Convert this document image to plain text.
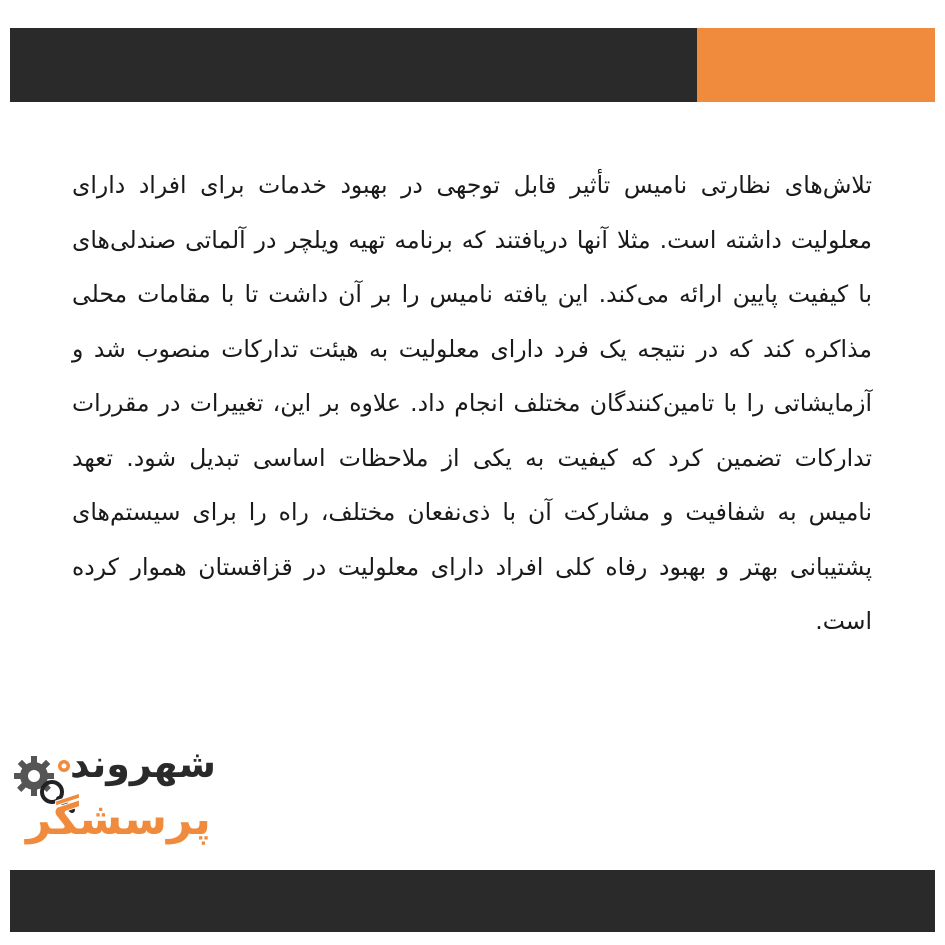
تلاش‌های نظارتی نامیس تأثیر قابل توجهی در بهبود خدمات برای افراد دارای معلولیت داشته است. مثلا آنها دریافتند که برنامه تهیه ویلچر در آلماتی صندلی‌های با کیفیت پایین ارائه می‌کند. این یافته نامیس را بر آن داشت تا با مقامات محلی مذاکره کند که در نتیجه یک فرد دارای معلولیت به هیئت تدارکات منصوب شد و آزمایشاتی را با تامین‌کنندگان مختلف انجام داد. علاوه بر این، تغییرات در مقررات تدارکات تضمین کرد که کیفیت به یکی از ملاحظات اساسی تبدیل شود. تعهد نامیس به شفافیت و مشارکت آن با ذی‌نفعان مختلف، راه را برای سیستم‌های پشتیبانی بهتر و بهبود رفاه کلی افراد دارای معلولیت در قزاقستان هموار کرده است.

شهروند
پرسشگر
